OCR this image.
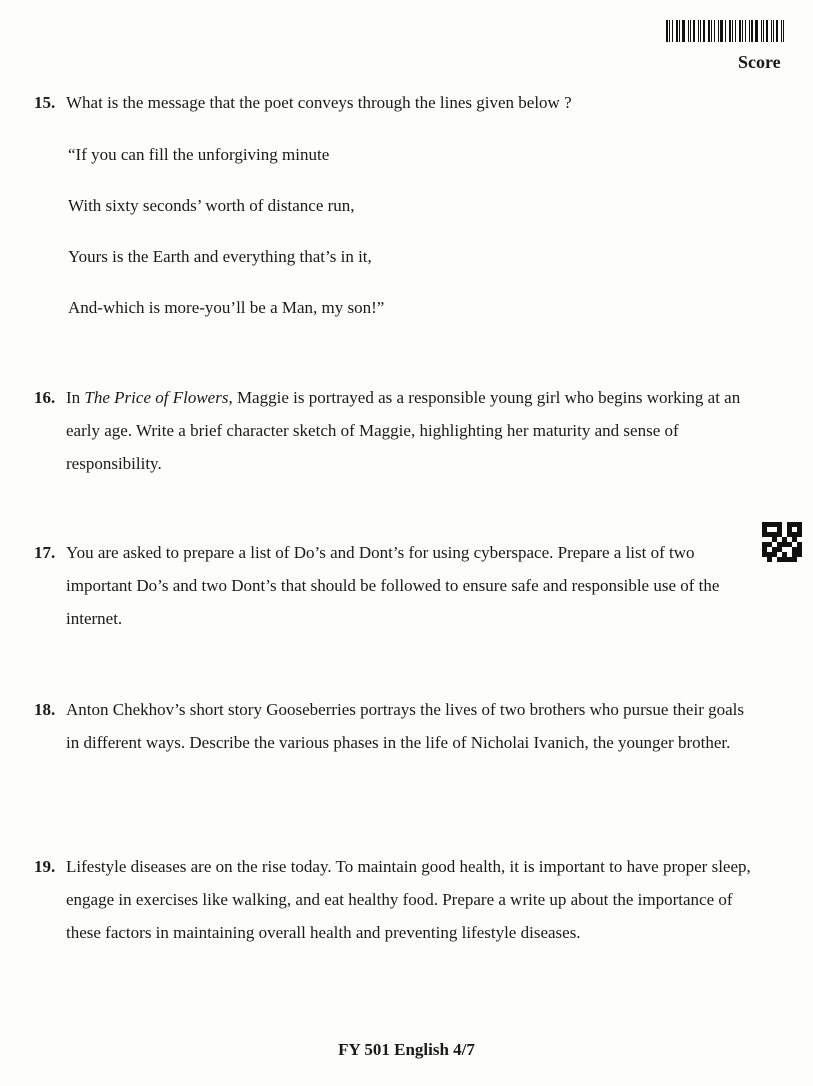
Score
15. What is the message that the poet conveys through the lines given below ?
“If you can fill the unforgiving minute
With sixty seconds’ worth of distance run,
Yours is the Earth and everything that’s in it,
And-which is more-you’ll be a Man, my son!”
16. In The Price of Flowers, Maggie is portrayed as a responsible young girl who begins working at an early age. Write a brief character sketch of Maggie, highlighting her maturity and sense of responsibility.
17. You are asked to prepare a list of Do’s and Dont’s for using cyberspace. Prepare a list of two important Do’s and two Dont’s that should be followed to ensure safe and responsible use of the internet.
18. Anton Chekhov’s short story Gooseberries portrays the lives of two brothers who pursue their goals in different ways. Describe the various phases in the life of Nicholai Ivanich, the younger brother.
19. Lifestyle diseases are on the rise today. To maintain good health, it is important to have proper sleep, engage in exercises like walking, and eat healthy food. Prepare a write up about the importance of these factors in maintaining overall health and preventing lifestyle diseases.
FY 501 English 4/7
